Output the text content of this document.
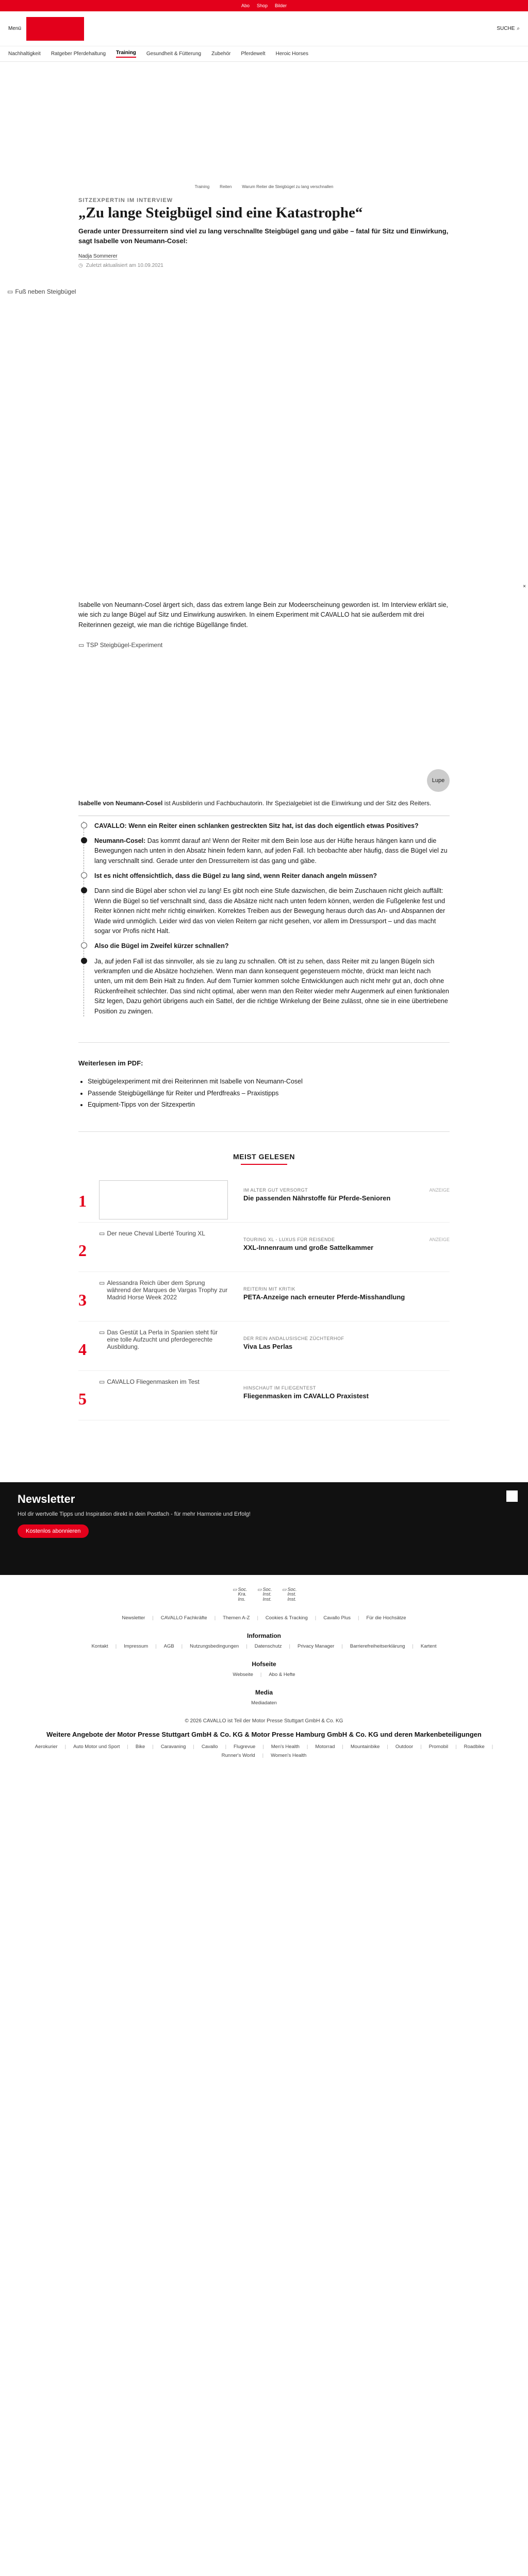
Abo Shop Bilder
Menü	SUCHE ⌕
Nachhaltigkeit Ratgeber Pferdehaltung Training Gesundheit & Fütterung Zubehör Pferdewelt Heroic Horses
Training	Reiten	Warum Reiter die Steigbügel zu lang verschnallen
SITZEXPERTIN IM INTERVIEW
„Zu lange Steigbügel sind eine Katastrophe“

Gerade unter Dressurreitern sind viel zu lang verschnallte Steigbügel gang und gäbe – fatal für Sitz und Einwirkung, sagt Isabelle von Neumann-Cosel:

Nadja Sommerer
◷ Zuletzt aktualisiert am 10.09.2021
▭ Fuß neben Steigbügel
×

Isabelle von Neumann-Cosel ärgert sich, dass das extrem lange Bein zur Modeerscheinung geworden ist. Im Interview erklärt sie, wie sich zu lange Bügel auf Sitz und Einwirkung auswirken. In einem Experiment mit CAVALLO hat sie außerdem mit drei Reiterinnen gezeigt, wie man die richtige Bügellänge findet.

▭ TSP Steigbügel-Experiment
Lupe

Isabelle von Neumann-Cosel ist Ausbilderin und Fachbuchautorin. Ihr Spezialgebiet ist die Einwirkung und der Sitz des Reiters.

CAVALLO: Wenn ein Reiter einen schlanken gestreckten Sitz hat, ist das doch eigentlich etwas Positives?
Neumann-Cosel: Das kommt darauf an! Wenn der Reiter mit dem Bein lose aus der Hüfte heraus hängen kann und die Bewegungen nach unten in den Absatz hinein federn kann, auf jeden Fall. Ich beobachte aber häufig, dass die Bügel viel zu lang verschnallt sind. Gerade unter den Dressurreitern ist das gang und gäbe.
Ist es nicht offensichtlich, dass die Bügel zu lang sind, wenn Reiter danach angeln müssen?
Dann sind die Bügel aber schon viel zu lang! Es gibt noch eine Stufe dazwischen, die beim Zuschauen nicht gleich auffällt: Wenn die Bügel so tief verschnallt sind, dass die Absätze nicht nach unten federn können, werden die Fußgelenke fest und Reiter können nicht mehr richtig einwirken. Korrektes Treiben aus der Bewegung heraus durch das An- und Abspannen der Wade wird unmöglich. Leider wird das von vielen Reitern gar nicht gesehen, vor allem im Dressursport – und das macht sogar vor Profis nicht Halt.
Also die Bügel im Zweifel kürzer schnallen?
Ja, auf jeden Fall ist das sinnvoller, als sie zu lang zu schnallen. Oft ist zu sehen, dass Reiter mit zu langen Bügeln sich verkrampfen und die Absätze hochziehen. Wenn man dann konsequent gegensteuern möchte, drückt man leicht nach unten, um mit dem Bein Halt zu finden. Auf dem Turnier kommen solche Entwicklungen auch nicht mehr gut an, doch ohne Rückenfreiheit schlechter. Das sind nicht optimal, aber wenn man den Reiter wieder mehr Augenmerk auf einen funktionalen Sitz legen, Dazu gehört übrigens auch ein Sattel, der die richtige Winkelung der Beine zulässt, ohne sie in eine übertriebene Position zu zwingen.
Weiterlesen im PDF:
• Steigbügelexperiment mit drei Reiterinnen mit Isabelle von Neumann-Cosel
• Passende Steigbügellänge für Reiter und Pferdfreaks – Praxistipps
• Equipment-Tipps von der Sitzexpertin
MEIST GELESEN
1
IM ALTER GUT VERSORGT
Die passenden Nährstoffe für Pferde-Senioren
ANZEIGE
2
▭ Der neue Cheval Liberté Touring XL
TOURING XL - LUXUS FÜR REISENDE
XXL-Innenraum und große Sattelkammer
ANZEIGE
3
▭ Alessandra Reich über dem Sprung während der Marques de Vargas Trophy zur Madrid Horse Week 2022
REITERIN MIT KRITIK
PETA-Anzeige nach erneuter Pferde-Misshandlung
4
▭ Das Gestüt La Perla in Spanien steht für eine tolle Aufzucht und pferdegerechte Ausbildung.
DER REIN ANDALUSISCHE ZÜCHTERHOF
Viva Las Perlas
5
▭ CAVALLO Fliegenmasken im Test
HINSCHAUT IM FLIEGENTEST
Fliegenmasken im CAVALLO Praxistest
Newsletter
Hol dir wertvolle Tipps und Inspiration direkt in dein Postfach - für mehr Harmonie und Erfolg!
Kostenlos abonnieren
▭ Soc. Kra. Ins.
▭ Soc. Inst. Inst.
▭ Soc. Inst. Inst.
Newsletter | CAVALLO Fachkräfte | Themen A-Z | Cookies & Tracking | Cavallo Plus | Für die Hochsätze
Information
Kontakt | Impressum | AGB | Nutzungsbedingungen | Datenschutz | Privacy Manager | Barrierefreiheitserklärung | Kartent
Hofseite
Webseite | Abo & Hefte
Media
Mediadaten
© 2026 CAVALLO ist Teil der Motor Presse Stuttgart GmbH & Co. KG
Weitere Angebote der Motor Presse Stuttgart GmbH & Co. KG & Motor Presse Hamburg GmbH & Co. KG und deren Markenbeteiligungen
Aerokurier | Auto Motor und Sport | Bike | Caravaning | Cavallo | Flugrevue | Men's Health | Motorrad | Mountainbike | Outdoor | Promobil | Roadbike |
Runner's World | Women's Health
